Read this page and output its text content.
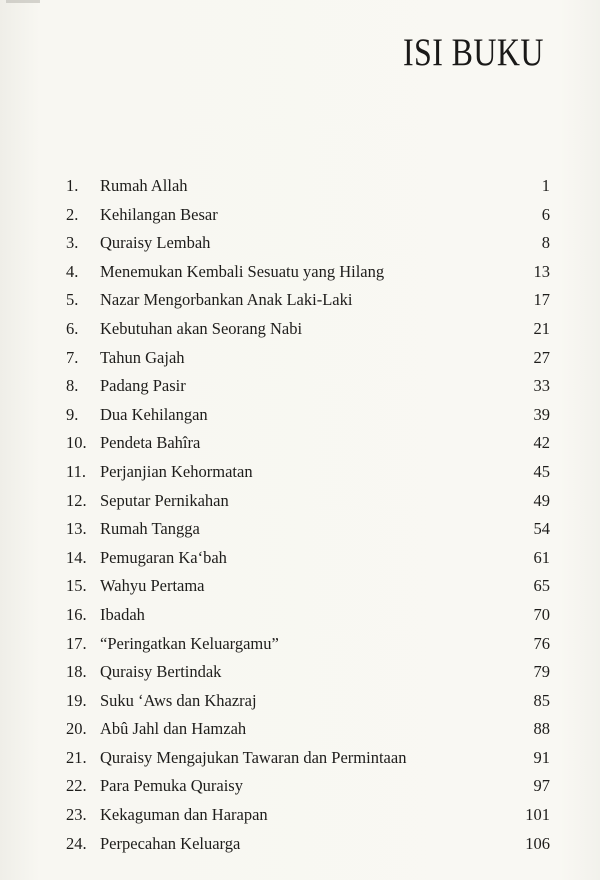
ISI BUKU
1. Rumah Allah	1
2. Kehilangan Besar	6
3. Quraisy Lembah	8
4. Menemukan Kembali Sesuatu yang Hilang	13
5. Nazar Mengorbankan Anak Laki-Laki	17
6. Kebutuhan akan Seorang Nabi	21
7. Tahun Gajah	27
8. Padang Pasir	33
9. Dua Kehilangan	39
10. Pendeta Bahîra	42
11. Perjanjian Kehormatan	45
12. Seputar Pernikahan	49
13. Rumah Tangga	54
14. Pemugaran Ka‘bah	61
15. Wahyu Pertama	65
16. Ibadah	70
17. “Peringatkan Keluargamu”	76
18. Quraisy Bertindak	79
19. Suku ‘Aws dan Khazraj	85
20. Abû Jahl dan Hamzah	88
21. Quraisy Mengajukan Tawaran dan Permintaan	91
22. Para Pemuka Quraisy	97
23. Kekaguman dan Harapan	101
24. Perpecahan Keluarga	106
